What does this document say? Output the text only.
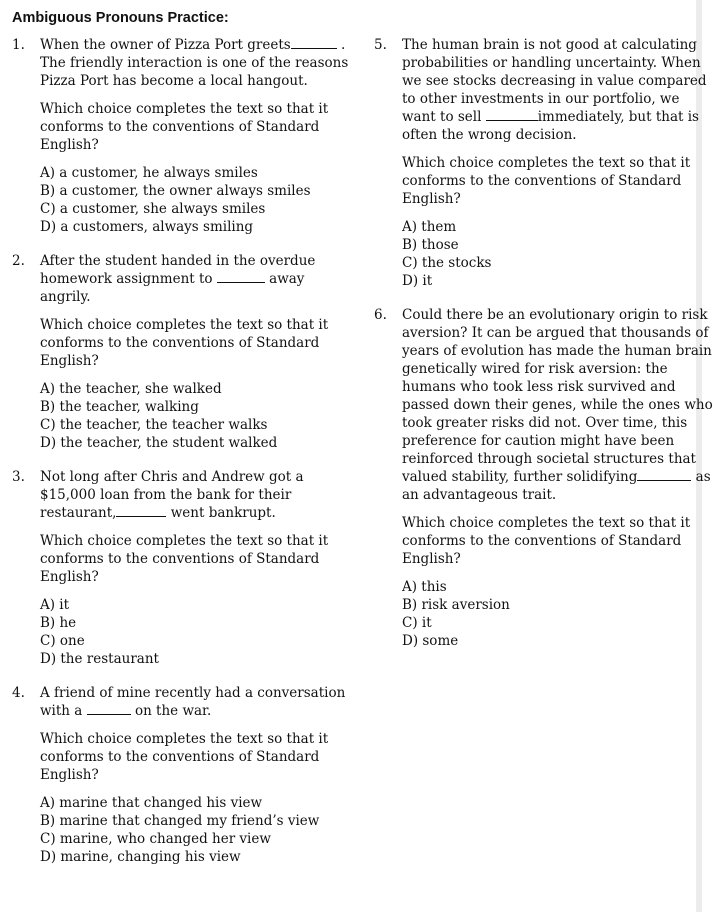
Ambiguous Pronouns Practice:
1. When the owner of Pizza Port greets	.
The friendly interaction is one of the reasons
Pizza Port has become a local hangout.
Which choice completes the text so that it
conforms to the conventions of Standard
English?
A) a customer, he always smiles
B) a customer, the owner always smiles
C) a customer, she always smiles
D) a customers, always smiling
2. After the student handed in the overdue
homework assignment to	away
angrily.
Which choice completes the text so that it
conforms to the conventions of Standard
English?
A) the teacher, she walked
B) the teacher, walking
C) the teacher, the teacher walks
D) the teacher, the student walked
3. Not long after Chris and Andrew got a
$15,000 loan from the bank for their
restaurant,	went bankrupt.
Which choice completes the text so that it
conforms to the conventions of Standard
English?
A) it
B) he
C) one
D) the restaurant
4. A friend of mine recently had a conversation
with a	on the war.
Which choice completes the text so that it
conforms to the conventions of Standard
English?
A) marine that changed his view
B) marine that changed my friend’s view
C) marine, who changed her view
D) marine, changing his view
5. The human brain is not good at calculating
probabilities or handling uncertainty. When
we see stocks decreasing in value compared
to other investments in our portfolio, we
want to sell	immediately, but that is
often the wrong decision.
Which choice completes the text so that it
conforms to the conventions of Standard
English?
A) them
B) those
C) the stocks
D) it
6. Could there be an evolutionary origin to risk
aversion? It can be argued that thousands of
years of evolution has made the human brain
genetically wired for risk aversion: the
humans who took less risk survived and
passed down their genes, while the ones who
took greater risks did not. Over time, this
preference for caution might have been
reinforced through societal structures that
valued stability, further solidifying	as
an advantageous trait.
Which choice completes the text so that it
conforms to the conventions of Standard
English?
A) this
B) risk aversion
C) it
D) some
